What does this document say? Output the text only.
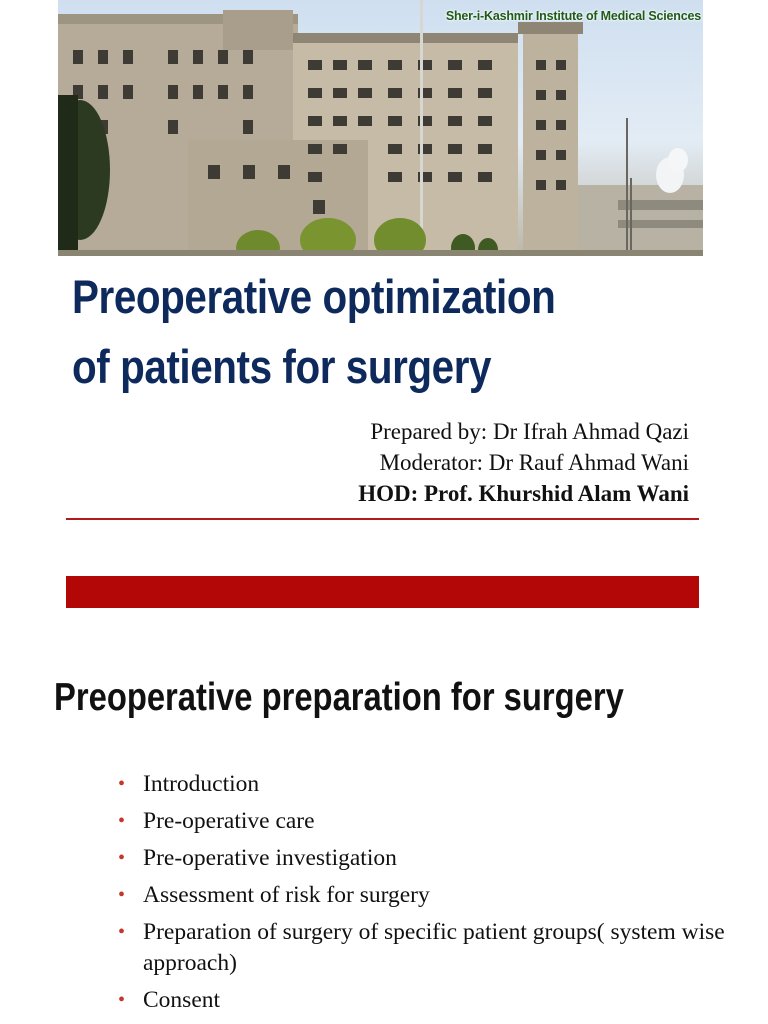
Sher-i-Kashmir Institute of Medical Sciences
Preoperative optimization
of patients for surgery
Prepared by: Dr Ifrah Ahmad Qazi
Moderator: Dr Rauf Ahmad Wani
HOD: Prof. Khurshid Alam Wani
Preoperative preparation for surgery
• Introduction
• Pre-operative care
• Pre-operative investigation
• Assessment of risk for surgery
• Preparation of surgery of specific patient groups( system wise approach)
• Consent
